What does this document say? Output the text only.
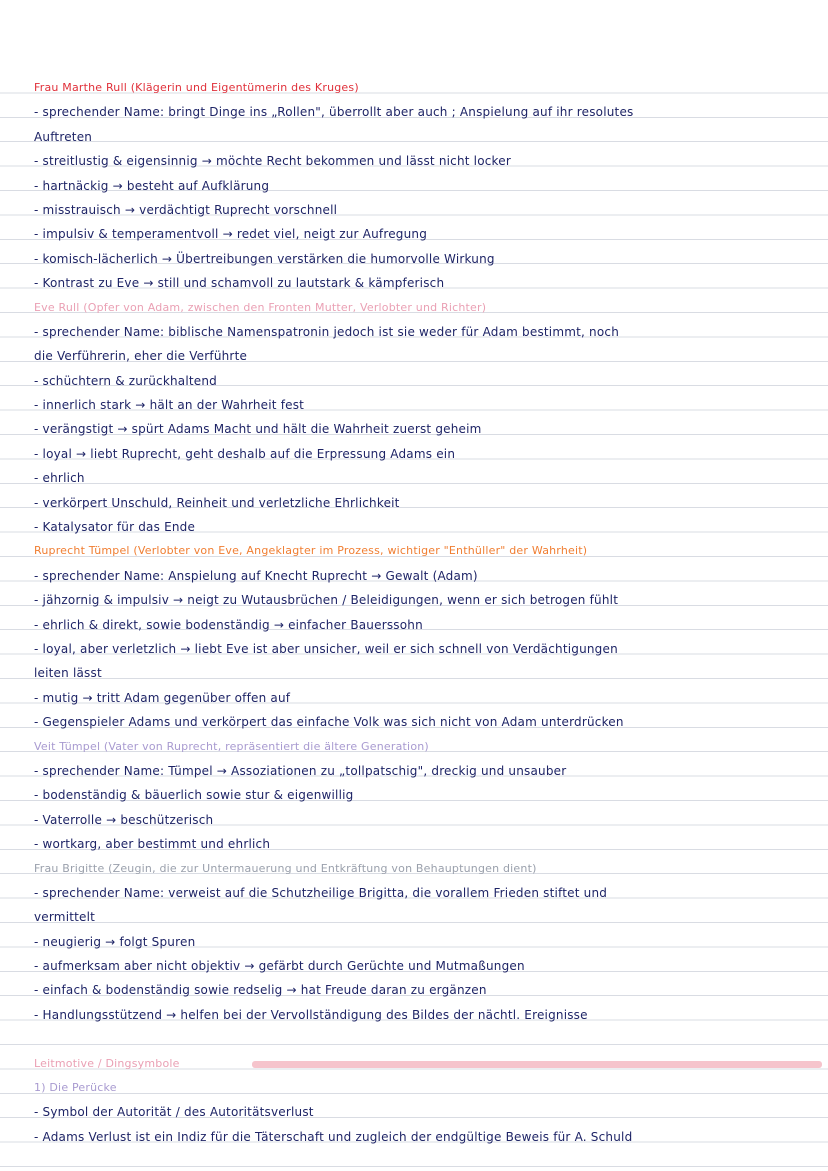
Frau Marthe Rull (Klägerin und Eigentümerin des Kruges)
- sprechender Name: bringt Dinge ins „Rollen", überrollt aber auch ; Anspielung auf ihr resolutes
Auftreten
- streitlustig & eigensinnig → möchte Recht bekommen und lässt nicht locker
- hartnäckig → besteht auf Aufklärung
- misstrauisch → verdächtigt Ruprecht vorschnell
- impulsiv & temperamentvoll → redet viel, neigt zur Aufregung
- komisch-lächerlich → Übertreibungen verstärken die humorvolle Wirkung
- Kontrast zu Eve → still und schamvoll zu lautstark & kämpferisch
Eve Rull (Opfer von Adam, zwischen den Fronten Mutter, Verlobter und Richter)
- sprechender Name: biblische Namenspatronin jedoch ist sie weder für Adam bestimmt, noch
die Verführerin, eher die Verführte
- schüchtern & zurückhaltend
- innerlich stark → hält an der Wahrheit fest
- verängstigt → spürt Adams Macht und hält die Wahrheit zuerst geheim
- loyal → liebt Ruprecht, geht deshalb auf die Erpressung Adams ein
- ehrlich
- verkörpert Unschuld, Reinheit und verletzliche Ehrlichkeit
- Katalysator für das Ende
Ruprecht Tümpel (Verlobter von Eve, Angeklagter im Prozess, wichtiger "Enthüller" der Wahrheit)
- sprechender Name: Anspielung auf Knecht Ruprecht → Gewalt (Adam)
- jähzornig & impulsiv → neigt zu Wutausbrüchen / Beleidigungen, wenn er sich betrogen fühlt
- ehrlich & direkt, sowie bodenständig → einfacher Bauerssohn
- loyal, aber verletzlich → liebt Eve ist aber unsicher, weil er sich schnell von Verdächtigungen
leiten lässt
- mutig → tritt Adam gegenüber offen auf
- Gegenspieler Adams und verkörpert das einfache Volk was sich nicht von Adam unterdrücken
Veit Tümpel (Vater von Ruprecht, repräsentiert die ältere Generation)
- sprechender Name: Tümpel → Assoziationen zu „tollpatschig", dreckig und unsauber
- bodenständig & bäuerlich sowie stur & eigenwillig
- Vaterrolle → beschützerisch
- wortkarg, aber bestimmt und ehrlich
Frau Brigitte (Zeugin, die zur Untermauerung und Entkräftung von Behauptungen dient)
- sprechender Name: verweist auf die Schutzheilige Brigitta, die vorallem Frieden stiftet und
vermittelt
- neugierig → folgt Spuren
- aufmerksam aber nicht objektiv → gefärbt durch Gerüchte und Mutmaßungen
- einfach & bodenständig sowie redselig → hat Freude daran zu ergänzen
- Handlungsstützend → helfen bei der Vervollständigung des Bildes der nächtl. Ereignisse
Leitmotive / Dingsymbole
1) Die Perücke
- Symbol der Autorität / des Autoritätsverlust
- Adams Verlust ist ein Indiz für die Täterschaft und zugleich der endgültige Beweis für A. Schuld
